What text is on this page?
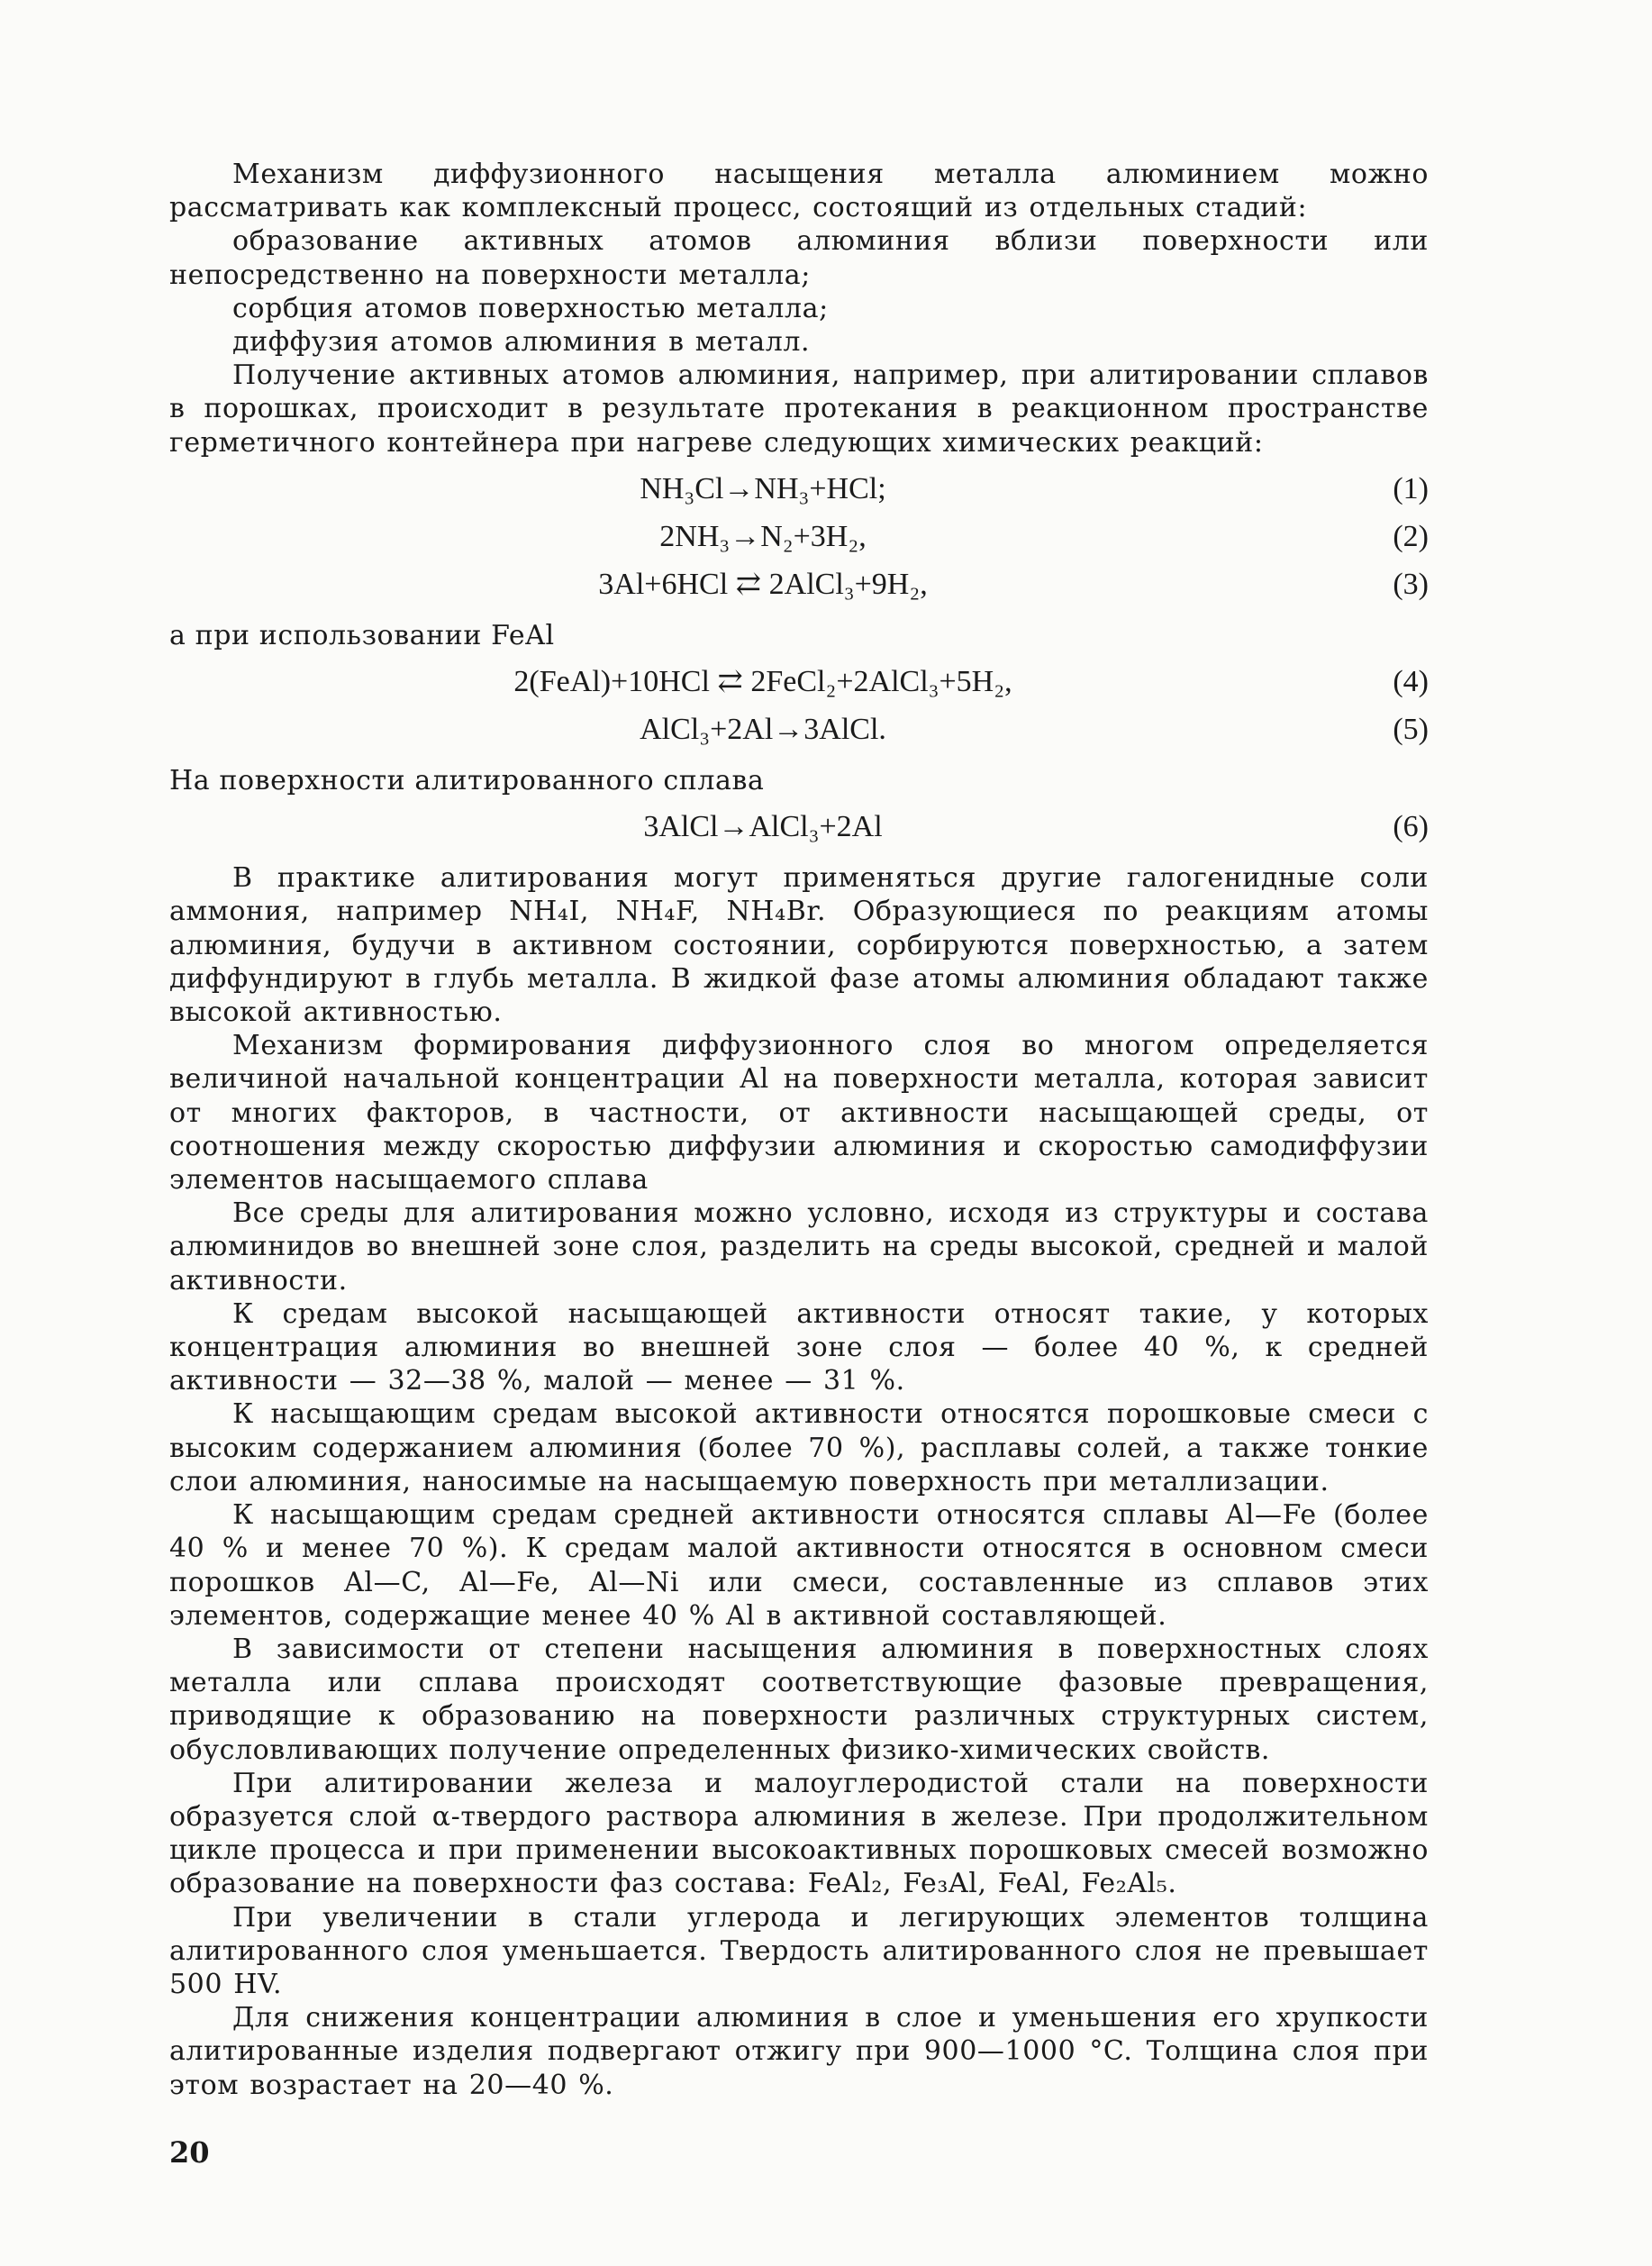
Механизм диффузионного насыщения металла алюминием можно рассматривать как комплексный процесс, состоящий из отдельных стадий:

образование активных атомов алюминия вблизи поверхности или непосредственно на поверхности металла;

сорбция атомов поверхностью металла;

диффузия атомов алюминия в металл.

Получение активных атомов алюминия, например, при алитировании сплавов в порошках, происходит в результате протекания в реакционном пространстве герметичного контейнера при нагреве следующих химических реакций:

NH₃Cl→NH₃+HCl;	(1)
2NH₃→N₂+3H₂,	(2)
3Al+6HCl ⇄ 2AlCl₃+9H₂,	(3)

а при использовании FeAl

2(FeAl)+10HCl ⇄ 2FeCl₂+2AlCl₃+5H₂,	(4)
AlCl₃+2Al→3AlCl.	(5)

На поверхности алитированного сплава

3AlCl→AlCl₃+2Al	(6)

В практике алитирования могут применяться другие галогенидные соли аммония, например NH₄I, NH₄F, NH₄Br. Образующиеся по реакциям атомы алюминия, будучи в активном состоянии, сорбируются поверхностью, а затем диффундируют в глубь металла. В жидкой фазе атомы алюминия обладают также высокой активностью.

Механизм формирования диффузионного слоя во многом определяется величиной начальной концентрации Al на поверхности металла, которая зависит от многих факторов, в частности, от активности насыщающей среды, от соотношения между скоростью диффузии алюминия и скоростью самодиффузии элементов насыщаемого сплава

Все среды для алитирования можно условно, исходя из структуры и состава алюминидов во внешней зоне слоя, разделить на среды высокой, средней и малой активности.

К средам высокой насыщающей активности относят такие, у которых концентрация алюминия во внешней зоне слоя — более 40 %, к средней активности — 32—38 %, малой — менее — 31 %.

К насыщающим средам высокой активности относятся порошковые смеси с высоким содержанием алюминия (более 70 %), расплавы солей, а также тонкие слои алюминия, наносимые на насыщаемую поверхность при металлизации.

К насыщающим средам средней активности относятся сплавы Al—Fe (более 40 % и менее 70 %). К средам малой активности относятся в основном смеси порошков Al—C, Al—Fe, Al—Ni или смеси, составленные из сплавов этих элементов, содержащие менее 40 % Al в активной составляющей.

В зависимости от степени насыщения алюминия в поверхностных слоях металла или сплава происходят соответствующие фазовые превращения, приводящие к образованию на поверхности различных структурных систем, обусловливающих получение определенных физико-химических свойств.

При алитировании железа и малоуглеродистой стали на поверхности образуется слой α-твердого раствора алюминия в железе. При продолжительном цикле процесса и при применении высокоактивных порошковых смесей возможно образование на поверхности фаз состава: FeAl₂, Fe₃Al, FeAl, Fe₂Al₅.

При увеличении в стали углерода и легирующих элементов толщина алитированного слоя уменьшается. Твердость алитированного слоя не превышает 500 HV.

Для снижения концентрации алюминия в слое и уменьшения его хрупкости алитированные изделия подвергают отжигу при 900—1000 °C. Толщина слоя при этом возрастает на 20—40 %.

20
